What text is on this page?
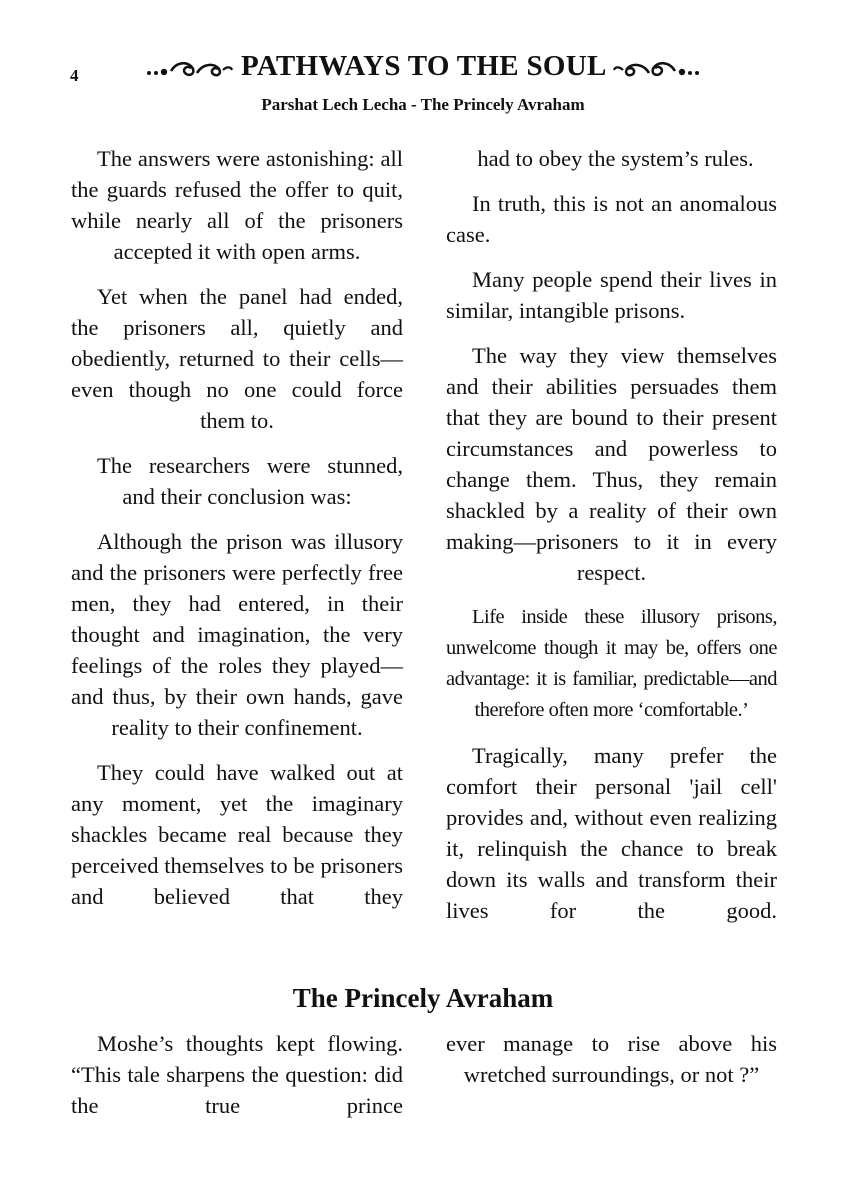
PATHWAYS TO THE SOUL
4
Parshat Lech Lecha - The Princely Avraham

The answers were astonishing: all the guards refused the offer to quit, while nearly all of the prisoners accepted it with open arms.

Yet when the panel had ended, the prisoners all, quietly and obediently, returned to their cells—even though no one could force them to.

The researchers were stunned, and their conclusion was:

Although the prison was illusory and the prisoners were perfectly free men, they had entered, in their thought and imagination, the very feelings of the roles they played—and thus, by their own hands, gave reality to their confinement.

They could have walked out at any moment, yet the imaginary shackles became real because they perceived themselves to be prisoners and believed that they

had to obey the system’s rules.

In truth, this is not an anomalous case.

Many people spend their lives in similar, intangible prisons.

The way they view themselves and their abilities persuades them that they are bound to their present circumstances and powerless to change them. Thus, they remain shackled by a reality of their own making—prisoners to it in every respect.

Life inside these illusory prisons, unwelcome though it may be, offers one advantage: it is familiar, predictable—and therefore often more ‘comfortable.’

Tragically, many prefer the comfort their personal 'jail cell' provides and, without even realizing it, relinquish the chance to break down its walls and transform their lives for the good.

The Princely Avraham

Moshe’s thoughts kept flowing. “This tale sharpens the question: did the true prince

ever manage to rise above his wretched surroundings, or not ?”
